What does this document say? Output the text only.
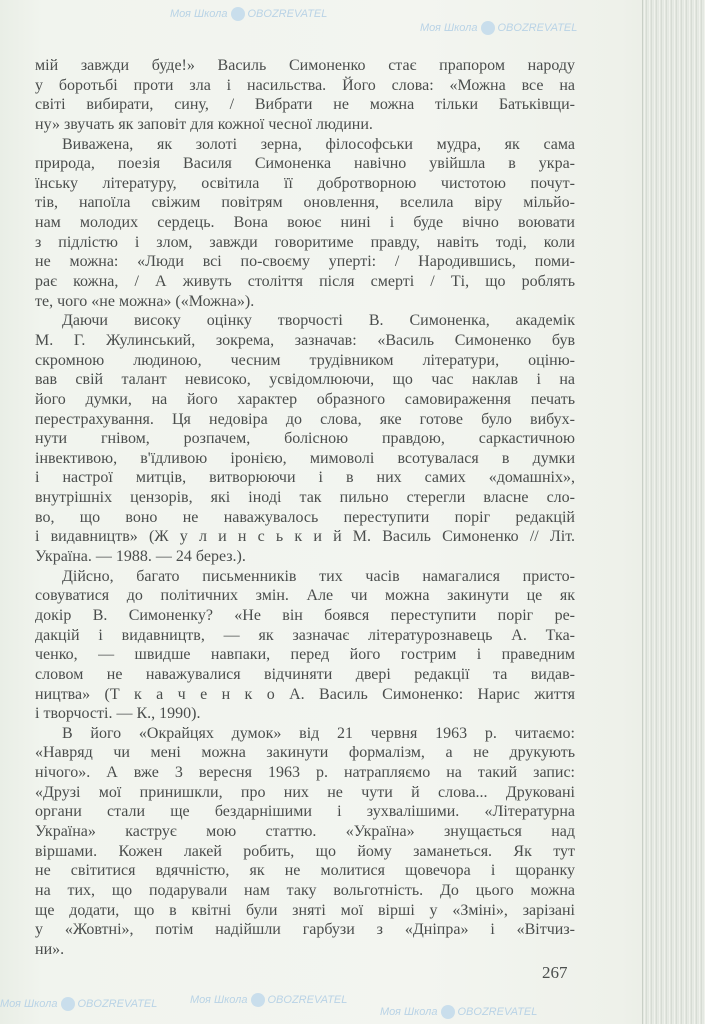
Моя Школа OBOZREVATEL
Моя Школа OBOZREVATEL
Моя Школа OBOZREVATEL	Моя Школа OBOZREVATEL
Моя Школа OBOZREVATEL
мій завжди буде!» Василь Симоненко стає прапором народу
у боротьбі проти зла і насильства. Його слова: «Можна все на
світі вибирати, сину, / Вибрати не можна тільки Батьківщи-
ну» звучать як заповіт для кожної чесної людини.
Виважена, як золоті зерна, філософськи мудра, як сама
природа, поезія Василя Симоненка навічно увійшла в укра-
їнську літературу, освітила її добротворною чистотою почут-
тів, напоїла свіжим повітрям оновлення, вселила віру мільйо-
нам молодих сердець. Вона воює нині і буде вічно воювати
з підлістю і злом, завжди говоритиме правду, навіть тоді, коли
не можна: «Люди всі по-своєму уперті: / Народившись, поми-
рає кожна, / А живуть століття після смерті / Ті, що роблять
те, чого «не можна» («Можна»).
Даючи високу оцінку творчості В. Симоненка, академік
М. Г. Жулинський, зокрема, зазначав: «Василь Симоненко був
скромною людиною, чесним трудівником літератури, оціню-
вав свій талант невисоко, усвідомлюючи, що час наклав і на
його думки, на його характер образного самовираження печать
перестрахування. Ця недовіра до слова, яке готове було вибух-
нути гнівом, розпачем, болісною правдою, саркастичною
інвективою, в'їдливою іронією, мимоволі всотувалася в думки
і настрої митців, витворюючи і в них самих «домашніх»,
внутрішніх цензорів, які іноді так пильно стерегли власне сло-
во, що воно не наважувалось переступити поріг редакцій
і видавництв» (Ж у л и н с ь к и й М. Василь Симоненко // Літ.
Україна. — 1988. — 24 берез.).
Дійсно, багато письменників тих часів намагалися присто-
совуватися до політичних змін. Але чи можна закинути це як
докір В. Симоненку? «Не він боявся переступити поріг ре-
дакцій і видавництв, — як зазначає літературознавець А. Тка-
ченко, — швидше навпаки, перед його гострим і праведним
словом не наважувалися відчиняти двері редакції та видав-
ництва» (Т к а ч е н к о А. Василь Симоненко: Нарис життя
і творчості. — К., 1990).
В його «Окрайцях думок» від 21 червня 1963 р. читаємо:
«Навряд чи мені можна закинути формалізм, а не друкують
нічого». А вже 3 вересня 1963 р. натрапляємо на такий запис:
«Друзі мої принишкли, про них не чути й слова... Друковані
органи стали ще бездарнішими і зухвалішими. «Літературна
Україна» каструє мою статтю. «Україна» знущається над
віршами. Кожен лакей робить, що йому заманеться. Як тут
не світитися вдячністю, як не молитися щовечора і щоранку
на тих, що подарували нам таку вольготність. До цього можна
ще додати, що в квітні були зняті мої вірші у «Зміні», зарізані
у «Жовтні», потім надійшли гарбузи з «Дніпра» і «Вітчиз-
ни».
267
